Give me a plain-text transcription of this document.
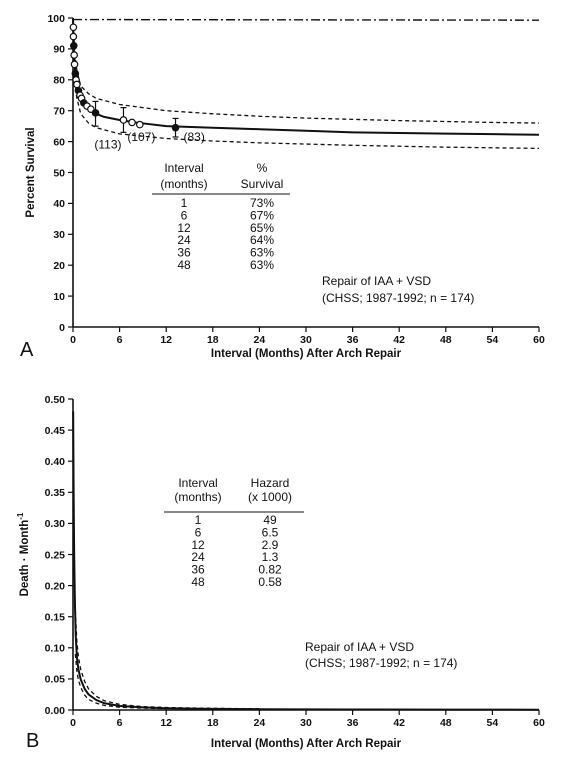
0
10
20
30
40
50
60
70
80
90
100
0	6	12	18	24	30	36	42	48	54	60
Interval (Months) After Arch Repair
Percent Survival
A
(113)
(107) (83)
Repair of IAA + VSD
(CHSS; 1987-1992; n = 174)
Interval
(months)
%
Survival
1	73%
6	67%
12	65%
24	64%
36	63%
48	63%
0.00
0.05
0.10
0.15
0.20
0.25
0.30
0.35
0.40
0.45
0.50
0	6	12	18	24	30	36	42	48	54	60
Interval (Months) After Arch Repair
Death · Month$^{-1}$
B
Repair of IAA + VSD
(CHSS; 1987-1992; n = 174)
Interval
(months)
Hazard
(x 1000)
1	49
6	6.5
12	2.9
24	1.3
36	0.82
48	0.58
